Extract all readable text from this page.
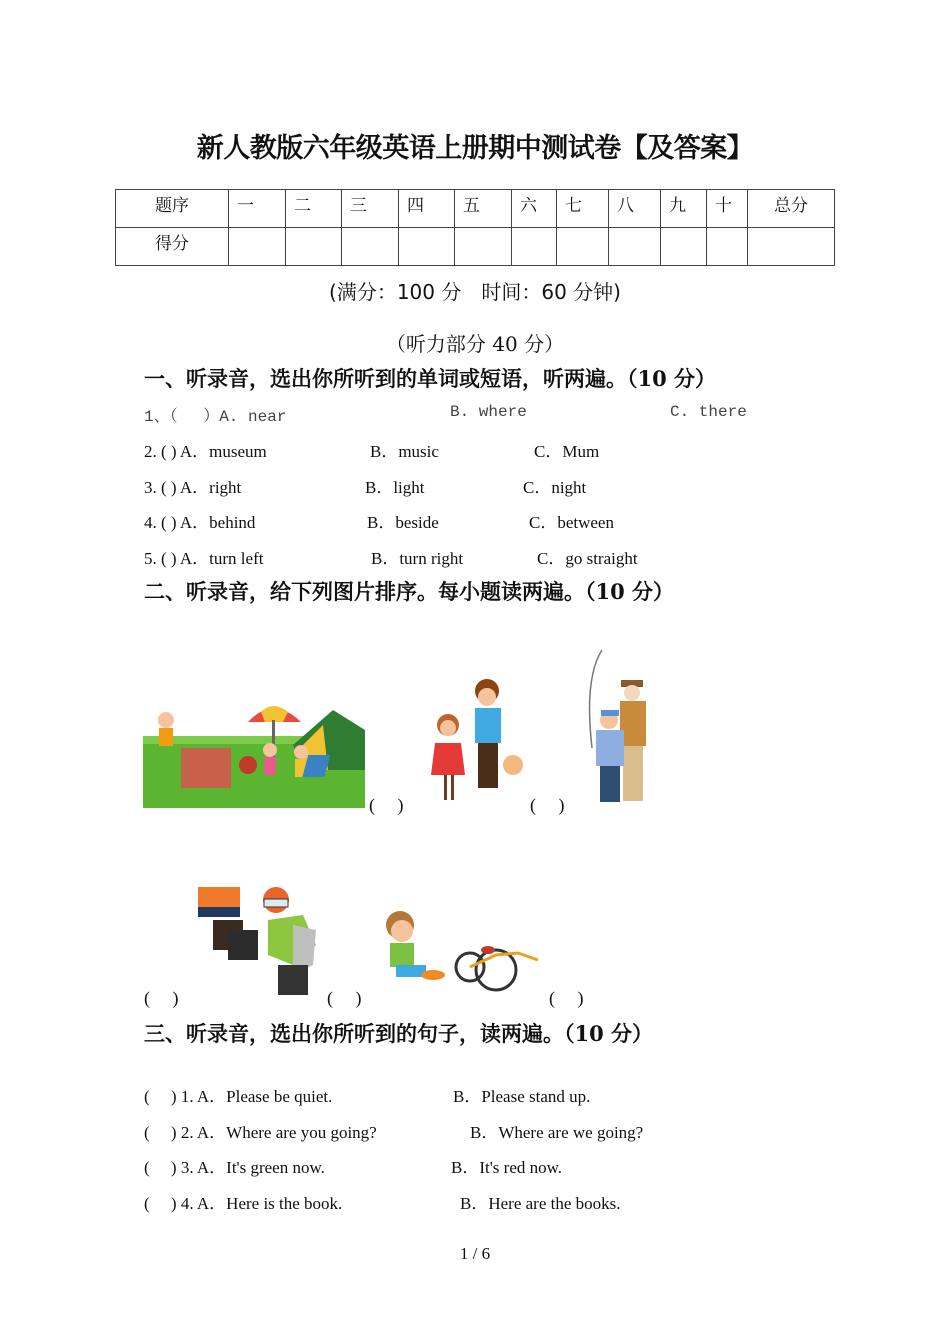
新人教版六年级英语上册期中测试卷【及答案】
题序	一	二	三	四	五	六	七	八	九	十	总分
得分											
(满分：100 分　时间：60 分钟)
（听力部分 40 分）
一、听录音，选出你所听到的单词或短语，听两遍。（10 分）
1、（　 ）A. near	B. where	C. there
2. ( ) A．museum	B．music	C．Mum
3. ( ) A．right	B．light	C．night
4. ( ) A．behind	B．beside	C．between
5. ( ) A．turn left	B．turn right	C．go straight
二、听录音，给下列图片排序。每小题读两遍。（10 分）
(　 )	(　 )
(　 )	(　 )	(　 )
三、听录音，选出你所听到的句子，读两遍。（10 分）
(　 ) 1. A．Please be quiet.	B．Please stand up.
(　 ) 2. A．Where are you going?	B．Where are we going?
(　 ) 3. A．It's green now.	B．It's red now.
(　 ) 4. A．Here is the book.	B．Here are the books.
1 / 6
